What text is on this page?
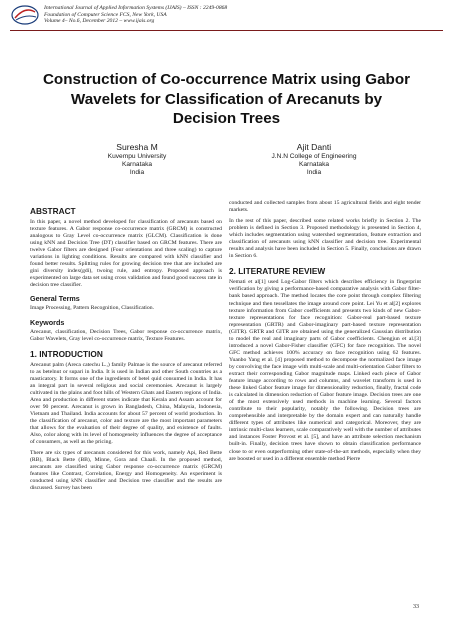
International Journal of Applied Information Systems (IJAIS) – ISSN : 2249-0868
Foundation of Computer Science FCS, New York, USA
Volume 4– No.6, December 2012 – www.ijais.org
Construction of Co-occurrence Matrix using Gabor Wavelets for Classification of Arecanuts by Decision Trees
Suresha M
Kuvempu University
Karnataka
India
Ajit Danti
J.N.N College of Engineering
Karnataka
India
ABSTRACT

In this paper, a novel method developed for classification of arecanuts based on texture features. A Gabor response co-occurrence matrix (GRCM) is constructed analogous to Gray Level co-occurrence matrix (GLCM). Classification is done using kNN and Decision Tree (DT) classifier based on GRCM features. There are twelve Gabor filters are designed (Four orientations and three scaling) to capture variations in lighting conditions. Results are compared with kNN classifier and found better results. Splitting rules for growing decision tree that are included are gini diversity index(gdi), twoing rule, and entropy. Proposed approach is experimented on large data set using cross validation and found good success rate in decision tree classifier.

General Terms

Image Processing, Pattern Recognition, Classification.

Keywords

Arecanut, classification, Decision Trees, Gabor response co-occurrence matrix, Gabor Wavelets, Gray level co-occurrence matrix, Texture Features.

1. INTRODUCTION

Arecanut palm (Areca catechu L.,) family Palmae is the source of arecanut referred to as betelnut or supari in India. It is used in Indian and other South countries as a masticatory. It forms one of the ingredients of betel quid consumed in India. It has an integral part in several religious and social ceremonies. Arecanut is largely cultivated in the plains and foot hills of Western Ghats and Eastern regions of India. Area and production in different states indicate that Kerala and Assam account for over 90 percent. Arecanut is grown in Bangladesh, China, Malaysia, Indonesia, Vietnam and Thailand. India accounts for about 57 percent of world production. In the classification of arecanut, color and texture are the most important parameters that allows for the evaluation of their degree of quality, and existence of faults. Also, color along with its level of homogeneity influences the degree of acceptance of consumers, as well as the pricing.

There are six types of arecanuts considered for this work, namely Api, Red Bette (RB), Black Bette (BB), Minne, Gora and Chaali. In the proposed method, arecanuts are classified using Gabor response co-occurrence matrix (GRCM) features like Contrast, Correlation, Energy and Homogeneity. An experiment is conducted using kNN classifier and Decision tree classifier and the results are discussed. Survey has been

conducted and collected samples from about 15 agricultural fields and eight tender markets.

In the rest of this paper, described some related works briefly in Section 2. The problem is defined in Section 3. Proposed methodology is presented in Section 4, which includes segmentation using watershed segmentation, feature extraction and classification of arecanuts using kNN classifier and decision tree. Experimental results and analysis have been included in Section 5. Finally, conclusions are drawn in Section 6.

2. LITERATURE REVIEW

Nemati et al[1] used Log-Gabor filters which describes efficiency in fingerprint verification by giving a performance-based comparative analysis with Gabor filter-bank based approach. The method locates the core point through complex filtering technique and then tessellates the image around core point. Lei Yu et al[2] explores texture information from Gabor coefficients and presents two kinds of new Gabor-texture representations for face recognition: Gabor-real part-based texture representation (GRTR) and Gabor-imaginary part-based texture representation (GITR). GRTR and GITR are obtained using the generalized Gaussian distribution to model the real and imaginary parts of Gabor coefficients. Chengjun et al.[3] introduced a novel Gabor-Fisher classifier (GFC) for face recognition. The novel GFC method achieves 100% accuracy on face recognition using 62 features. Yuanbo Yang et al. [4] proposed method to decompose the normalized face image by convolving the face image with multi-scale and multi-orientation Gabor filters to extract their corresponding Gabor magnitude maps. Linked each piece of Gabor feature image according to rows and columns, and wavelet transform is used in these linked Gabor feature image for dimensionality reduction, finally, fractal code is calculated in dimension reduction of Gabor feature image. Decision trees are one of the most extensively used methods in machine learning. Several factors contribute to their popularity, notably the following. Decision trees are comprehensible and interpretable by the domain expert and can naturally handle different types of attributes like numerical and categorical. Moreover, they are intrinsic multi-class learners, scale comparatively well with the number of attributes and instances Foster Provost et al. [5], and have an attribute selection mechanism built-in. Finally, decision trees have shown to obtain classification performance close to or even outperforming other state-of-the-art methods, especially when they are boosted or used in a different ensemble method Pierre

33
